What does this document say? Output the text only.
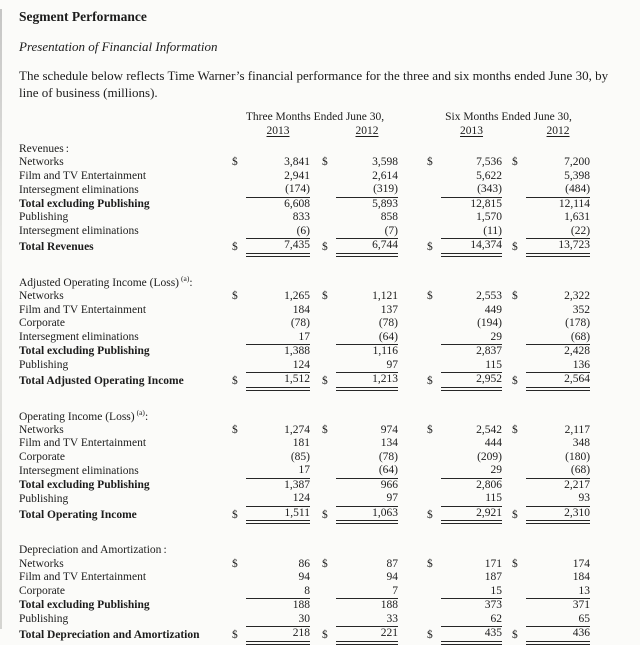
Segment Performance
Presentation of Financial Information

The schedule below reflects Time Warner’s financial performance for the three and six months ended June 30, by line of business (millions).

	Three Months Ended June 30,						Six Months Ended June 30,				
		2013			2012			2013			2012
Revenues :											
Networks	$	3,841		$	3,598		$	7,536		$	7,200
Film and TV Entertainment		2,941			2,614			5,622			5,398
Intersegment eliminations		(174)			(319)			(343)			(484)
Total excluding Publishing		6,608			5,893			12,815			12,114
Publishing		833			858			1,570			1,631
Intersegment eliminations		(6)			(7)			(11)			(22)
Total Revenues	$	7,435		$	6,744		$	14,374		$	13,723

Adjusted Operating Income (Loss) $^{(a)}$:											
Networks	$	1,265		$	1,121		$	2,553		$	2,322
Film and TV Entertainment		184			137			449			352
Corporate		(78)			(78)			(194)			(178)
Intersegment eliminations		17			(64)			29			(68)
Total excluding Publishing		1,388			1,116			2,837			2,428
Publishing		124			97			115			136
Total Adjusted Operating Income	$	1,512		$	1,213		$	2,952		$	2,564

Operating Income (Loss) $^{(a)}$:											
Networks	$	1,274		$	974		$	2,542		$	2,117
Film and TV Entertainment		181			134			444			348
Corporate		(85)			(78)			(209)			(180)
Intersegment eliminations		17			(64)			29			(68)
Total excluding Publishing		1,387			966			2,806			2,217
Publishing		124			97			115			93
Total Operating Income	$	1,511		$	1,063		$	2,921		$	2,310

Depreciation and Amortization :											
Networks	$	86		$	87		$	171		$	174
Film and TV Entertainment		94			94			187			184
Corporate		8			7			15			13
Total excluding Publishing		188			188			373			371
Publishing		30			33			62			65
Total Depreciation and Amortization	$	218		$	221		$	435		$	436
